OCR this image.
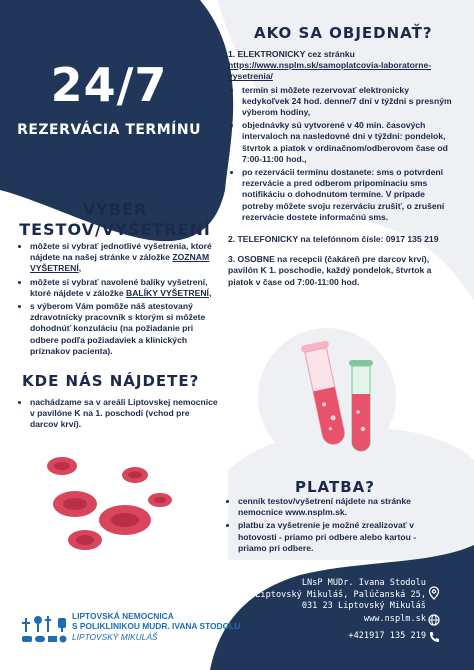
24/7
REZERVÁCIA TERMÍNU
VÝBER
TESTOV/VYŠETRENÍ
• môžete si vybrať jednotlivé vyšetrenia, ktoré nájdete na našej stránke v záložke ZOZNAM VYŠETRENÍ,
• môžete si vybrať navolené balíky vyšetrení, ktoré nájdete v záložke BALÍKY VYŠETRENÍ,
• s výberom Vám pomôže náš atestovaný zdravotnícky pracovník s ktorým si môžete dohodnúť konzuláciu (na požiadanie pri odbere podľa požiadaviek a klinických príznakov pacienta).
KDE NÁS NÁJDETE?
• nachádzame sa v areáli Liptovskej nemocnice v pavilóne K na 1. poschodí (vchod pre darcov krví).
AKO SA OBJEDNAŤ?

1. ELEKTRONICKY cez stránku

https://www.nsplm.sk/samoplatcovia-laboratorne-vysetrenia/

• termín si môžete rezervovať elektronicky kedykoľvek 24 hod. denne/7 dní v týždni s presným výberom hodiny,
• objednávky sú vytvorené v 40 min. časových intervaloch na nasledovné dni v týždni: pondelok, štvrtok a piatok v ordinačnom/odberovom čase od 7:00-11:00 hod.,
• po rezervácii termínu dostanete: sms o potvrdení rezervácie a pred odberom pripomínaciu sms notifikáciu o dohodnutom termíne. V prípade potreby môžete svoju rezerváciu zrušiť, o zrušení rezervácie dostete informačnú sms.

2. TELEFONICKY na telefónnom čísle: 0917 135 219

3. OSOBNE na recepcii (čakáreň pre darcov krví), pavilón K 1. poschodie, každý pondelok, štvrtok a piatok v čase od 7:00-11:00 hod.

PLATBA?
• cenník testov/vyšetrení nájdete na stránke nemocnice www.nsplm.sk.
• platbu za vyšetrenie je možné zrealizovať v hotovosti - priamo pri odbere alebo kartou - priamo pri odbere.
LNsP MUDr. Ivana Stodolu
Liptovský Mikuláš, Palúčanská 25,
031 23 Liptovský Mikuláš
www.nsplm.sk
+421917 135 219
LIPTOVSKÁ NEMOCNICA
S POLIKLINIKOU MUDR. IVANA STODOLU
LIPTOVSKÝ MIKULÁŠ
